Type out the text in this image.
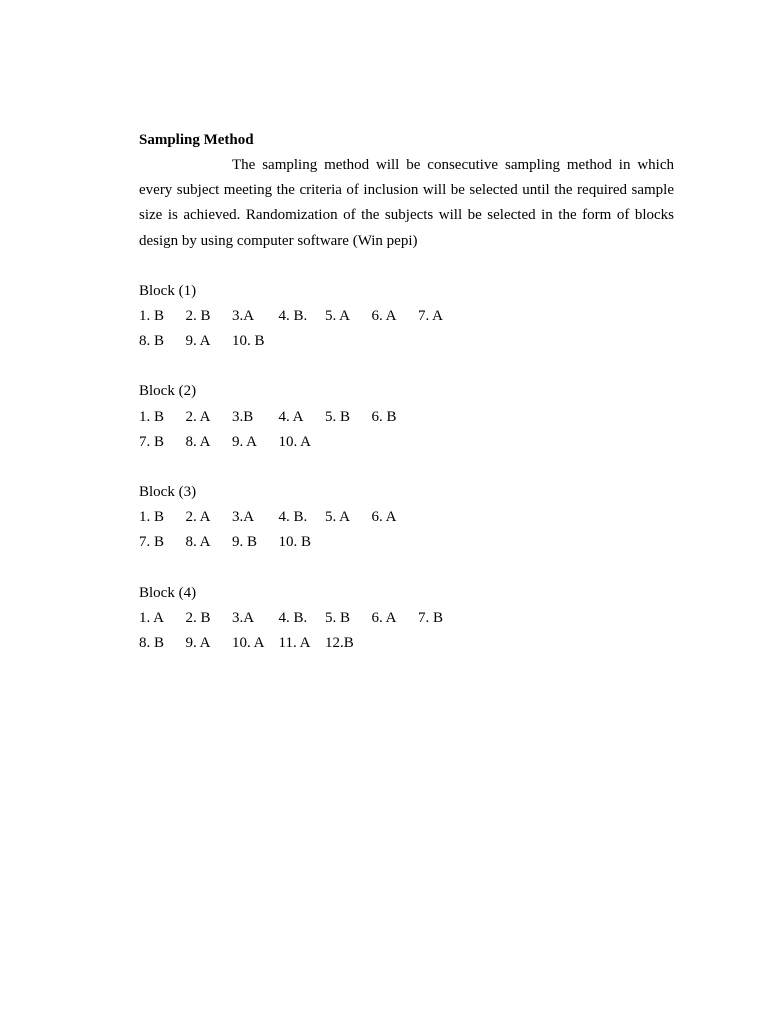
Sampling Method

The sampling method will be consecutive sampling method in which every subject meeting the criteria of inclusion will be selected until the required sample size is achieved. Randomization of the subjects will be selected in the form of blocks design by using computer software (Win pepi)

Block (1)

1. B	2. B	3.A	4. B.	5. A	6. A	7. A
8. B	9. A	10. B

Block (2)

1. B	2. A	3.B	4. A	5. B	6. B
7. B	8. A	9. A	10. A

Block (3)

1. B	2. A	3.A	4. B.	5. A	6. A
7. B	8. A	9. B	10. B

Block (4)

1. A	2. B	3.A	4. B.	5. B	6. A	7. B
8. B	9. A	10. A 11. A 12.B
